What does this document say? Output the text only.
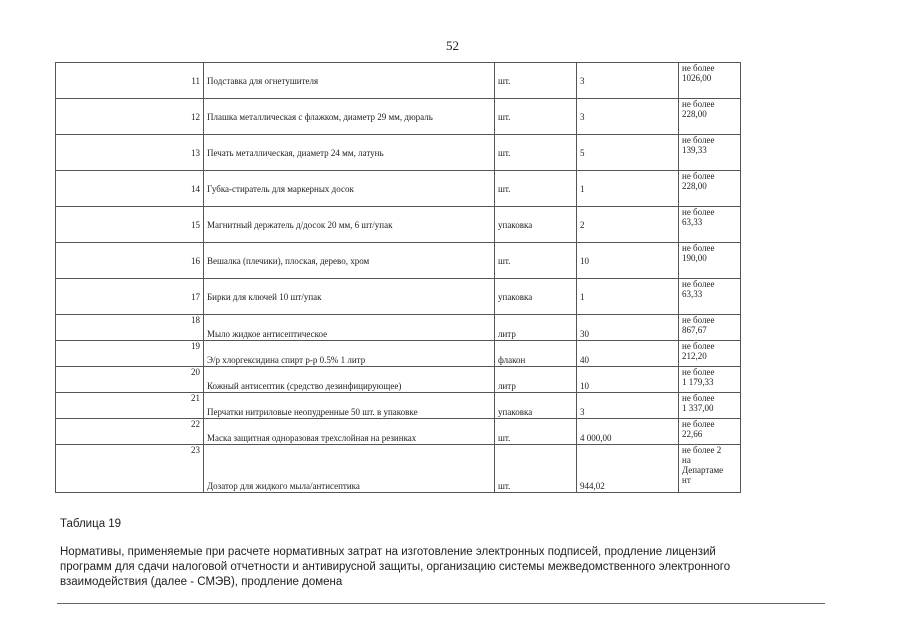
52
11	Подставка для огнетушителя	шт.	3	не более
1026,00

12	Плашка металлическая с флажком, диаметр 29 мм, дюраль	шт.	3	не более
228,00

13	Печать металлическая, диаметр 24 мм, латунь	шт.	5	не более
139,33

14	Губка-стиратель для маркерных досок	шт.	1	не более
228,00

15	Магнитный держатель д/досок 20 мм, 6 шт/упак	упаковка	2	не более
63,33

16	Вешалка (плечики), плоская, дерево, хром	шт.	10	не более
190,00

17	Бирки для ключей 10 шт/упак	упаковка	1	не более
63,33

18	Мыло жидкое антисептическое	литр	30	не более
867,67

19	Э/р хлоргексидина спирт р-р 0.5% 1 литр	флакон	40	не более
212,20

20	Кожный антисептик (средство дезинфицирующее)	литр	10	не более
1 179,33

21	Перчатки нитриловые неопудренные 50 шт. в упаковке	упаковка	3	не более
1 337,00

22	Маска защитная одноразовая трехслойная на резинках	шт.	4 000,00	не более
22,66

23	Дозатор для жидкого мыла/антисептика	шт.	944,02	не более 2
на
Департаме
нт
Таблица 19
Нормативы, применяемые при расчете нормативных затрат на изготовление электронных подписей, продление лицензий
программ для сдачи налоговой отчетности и антивирусной защиты, организацию системы межведомственного электронного
взаимодействия (далее - СМЭВ), продление домена
